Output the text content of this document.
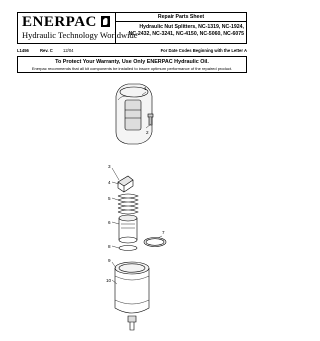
ENERPAC
Hydraulic Technology Worldwide
Repair Parts Sheet
Hydraulic Nut Splitters, NC-1319, NC-1924,
NC-2432, NC-3241, NC-4150, NC-5060, NC-6075
L1456	Rev. C 12/04	For Date Codes Beginning with the Letter A
To Protect Your Warranty, Use Only ENERPAC Hydraulic Oil.
Enerpac recommends that all kit components be installed to insure optimum performance of the repaired product.
1
2
3
4
5
6
7
8
9
10
